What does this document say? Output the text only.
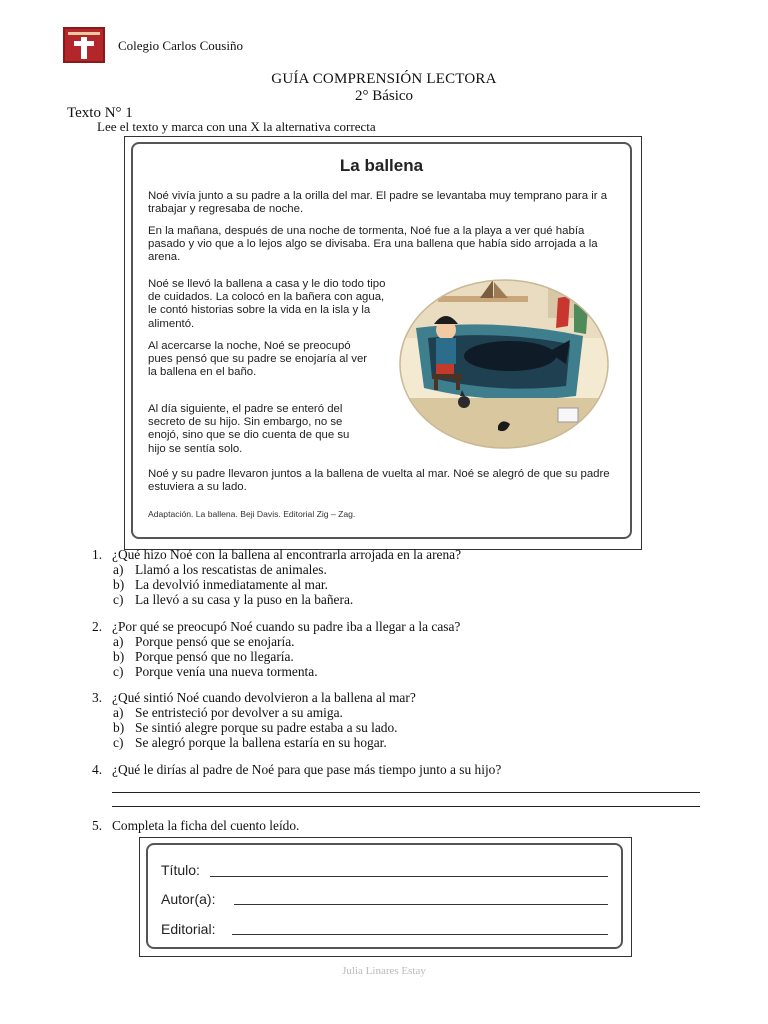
Colegio Carlos Cousiño
GUÍA COMPRENSIÓN LECTORA
2° Básico
Texto N° 1
Lee el texto y marca con una X la alternativa correcta
La ballena
Noé vivía junto a su padre a la orilla del mar. El padre se levantaba muy temprano para ir a trabajar y regresaba de noche.
En la mañana, después de una noche de tormenta, Noé fue a la playa a ver qué había pasado y vio que a lo lejos algo se divisaba. Era una ballena que había sido arrojada a la arena.
Noé se llevó la ballena a casa y le dio todo tipo de cuidados. La colocó en la bañera con agua, le contó historias sobre la vida en la isla y la alimentó.
Al acercarse la noche, Noé se preocupó pues pensó que su padre se enojaría al ver la ballena en el baño.
Al día siguiente, el padre se enteró del secreto de su hijo. Sin embargo, no se enojó, sino que se dio cuenta de que su hijo se sentía solo.
Noé y su padre llevaron juntos a la ballena de vuelta al mar. Noé se alegró de que su padre estuviera a su lado.
Adaptación. La ballena. Beji Davis. Editorial Zig – Zag.
1. ¿Qué hizo Noé con la ballena al encontrarla arrojada en la arena?
a) Llamó a los rescatistas de animales.
b) La devolvió inmediatamente al mar.
c) La llevó a su casa y la puso en la bañera.
2. ¿Por qué se preocupó Noé cuando su padre iba a llegar a la casa?
a) Porque pensó que se enojaría.
b) Porque pensó que no llegaría.
c) Porque venía una nueva tormenta.
3. ¿Qué sintió Noé cuando devolvieron a la ballena al mar?
a) Se entristeció por devolver a su amiga.
b) Se sintió alegre porque su padre estaba a su lado.
c) Se alegró porque la ballena estaría en su hogar.
4. ¿Qué le dirías al padre de Noé para que pase más tiempo junto a su hijo?
5. Completa la ficha del cuento leído.
Título:
Autor(a):
Editorial:
Julia Linares Estay
